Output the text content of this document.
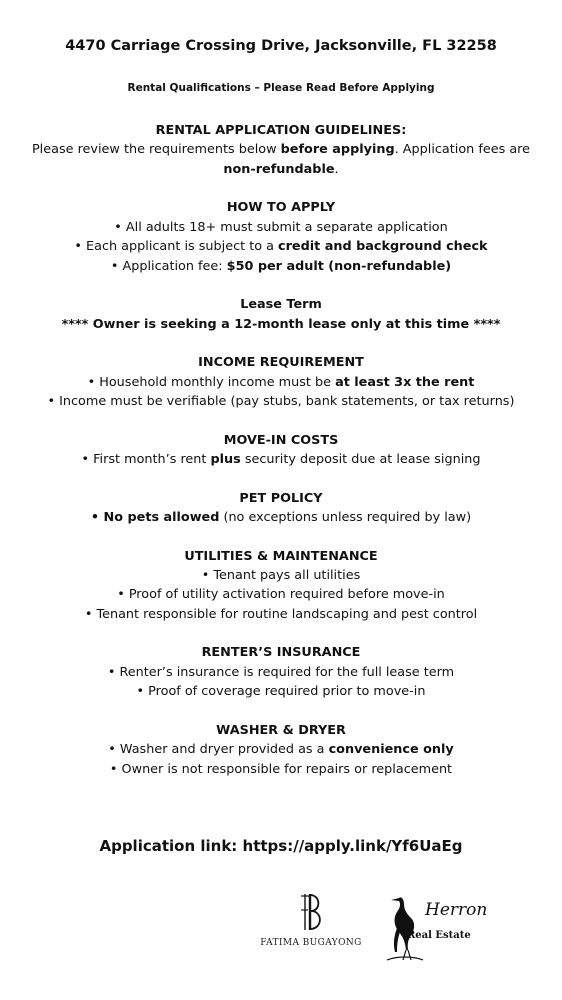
4470 Carriage Crossing Drive, Jacksonville, FL 32258
Rental Qualifications – Please Read Before Applying
RENTAL APPLICATION GUIDELINES:
Please review the requirements below before applying. Application fees are non-refundable.
HOW TO APPLY
• All adults 18+ must submit a separate application
• Each applicant is subject to a credit and background check
• Application fee: $50 per adult (non-refundable)
Lease Term
**** Owner is seeking a 12-month lease only at this time ****
INCOME REQUIREMENT
• Household monthly income must be at least 3x the rent
• Income must be verifiable (pay stubs, bank statements, or tax returns)
MOVE-IN COSTS
• First month’s rent plus security deposit due at lease signing
PET POLICY
• No pets allowed (no exceptions unless required by law)
UTILITIES & MAINTENANCE
• Tenant pays all utilities
• Proof of utility activation required before move-in
• Tenant responsible for routine landscaping and pest control
RENTER’S INSURANCE
• Renter’s insurance is required for the full lease term
• Proof of coverage required prior to move-in
WASHER & DRYER
• Washer and dryer provided as a convenience only
• Owner is not responsible for repairs or replacement
Application link: https://apply.link/Yf6UaEg
FATIMA BUGAYONG
Herron
Real Estate
